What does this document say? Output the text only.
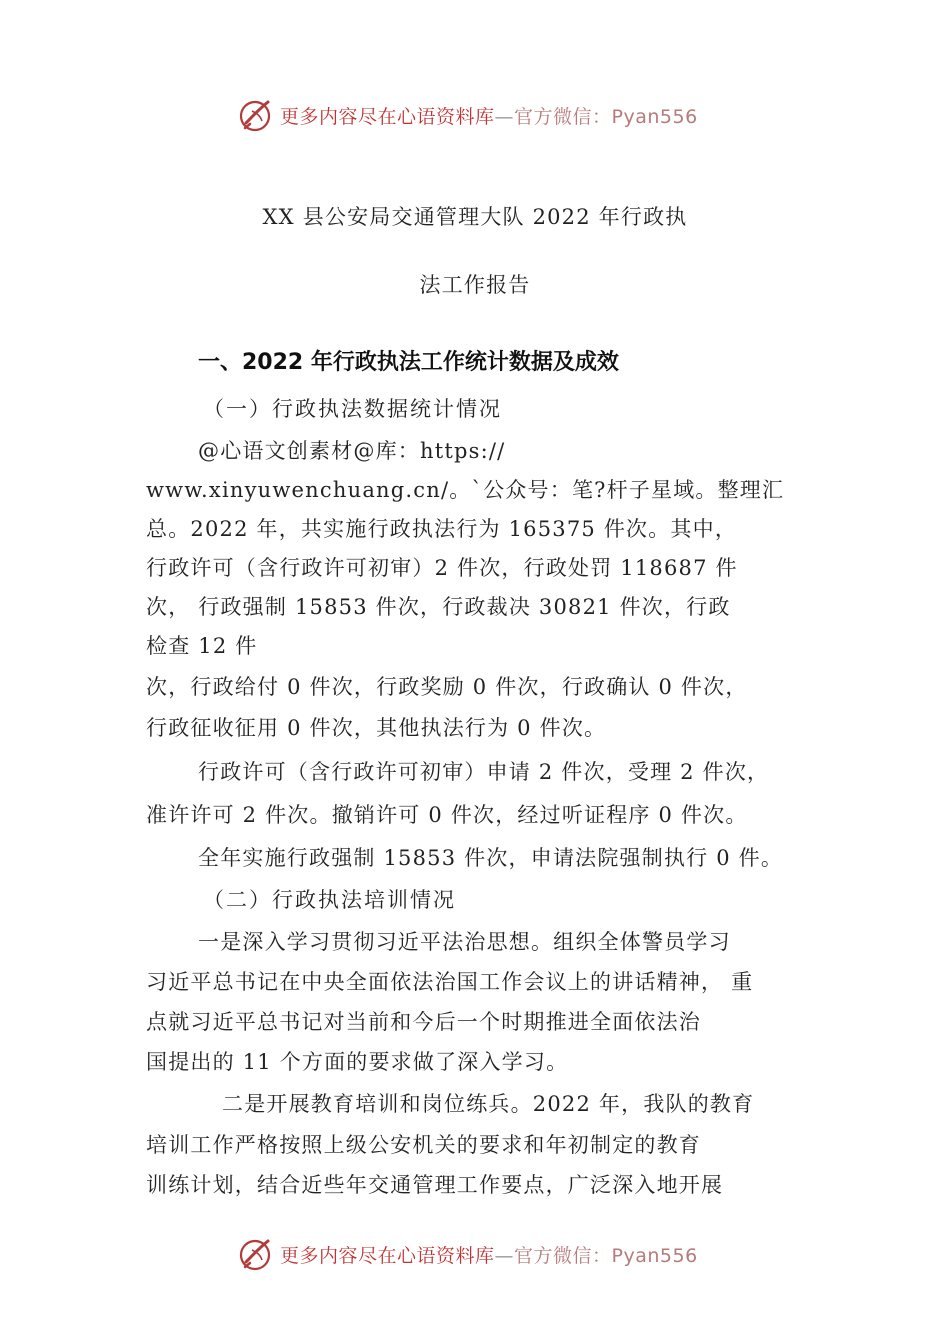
更多内容尽在心语资料库—官方微信：Pyan556
XX 县公安局交通管理大队 2022 年行政执
法工作报告
一、2022 年行政执法工作统计数据及成效
（一）行政执法数据统计情况
@心语文创素材@库：https://
www.xinyuwenchuang.cn/。`公众号：笔?杆子星域。整理汇
总。2022 年，共实施行政执法行为 165375 件次。其中，
行政许可（含行政许可初审）2 件次，行政处罚 118687 件
次， 行政强制 15853 件次，行政裁决 30821 件次，行政
检查 12 件
次，行政给付 0 件次，行政奖励 0 件次，行政确认 0 件次，
行政征收征用 0 件次，其他执法行为 0 件次。
行政许可（含行政许可初审）申请 2 件次，受理 2 件次，
准许许可 2 件次。撤销许可 0 件次，经过听证程序 0 件次。
全年实施行政强制 15853 件次，申请法院强制执行 0 件。
（二）行政执法培训情况
一是深入学习贯彻习近平法治思想。组织全体警员学习
习近平总书记在中央全面依法治国工作会议上的讲话精神， 重
点就习近平总书记对当前和今后一个时期推进全面依法治
国提出的 11 个方面的要求做了深入学习。
二是开展教育培训和岗位练兵。2022 年，我队的教育
培训工作严格按照上级公安机关的要求和年初制定的教育
训练计划，结合近些年交通管理工作要点，广泛深入地开展
更多内容尽在心语资料库—官方微信：Pyan556
